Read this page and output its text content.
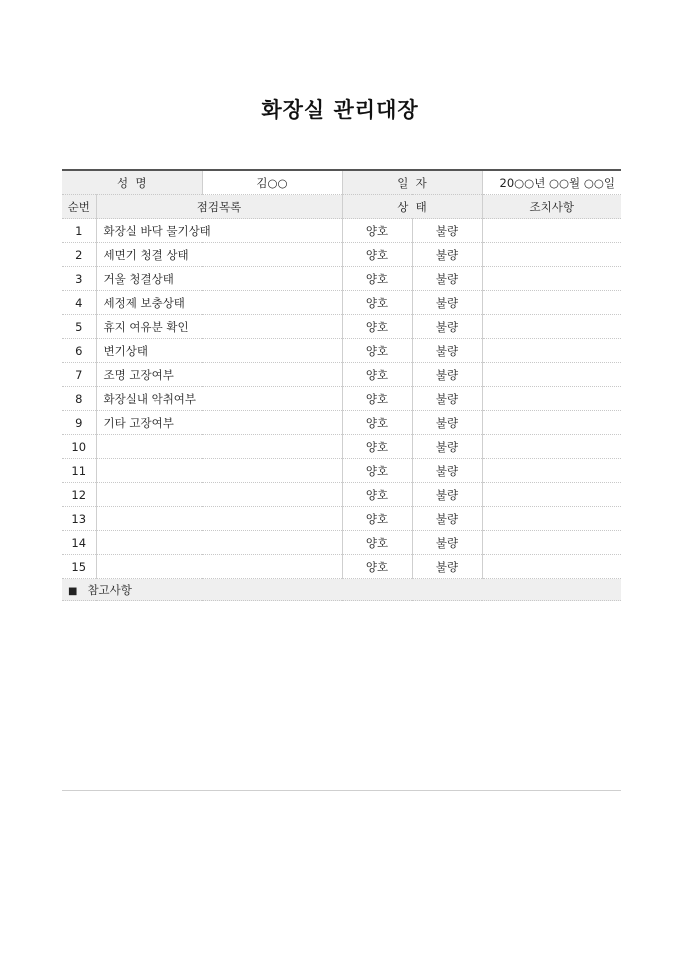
화장실 관리대장
성  명		김○○	일  자		20○○년 ○○월 ○○일
순번	점검목록		상  태		조치사항
1	화장실 바닥 물기상태		양호	불량	
2	세면기 청결 상태		양호	불량	
3	거울 청결상태		양호	불량	
4	세정제 보충상태		양호	불량	
5	휴지 여유분 확인		양호	불량	
6	변기상태		양호	불량	
7	조명 고장여부		양호	불량	
8	화장실내 악취여부		양호	불량	
9	기타 고장여부		양호	불량	
10			양호	불량	
11			양호	불량	
12			양호	불량	
13			양호	불량	
14			양호	불량	
15			양호	불량	
■ 참고사항					
